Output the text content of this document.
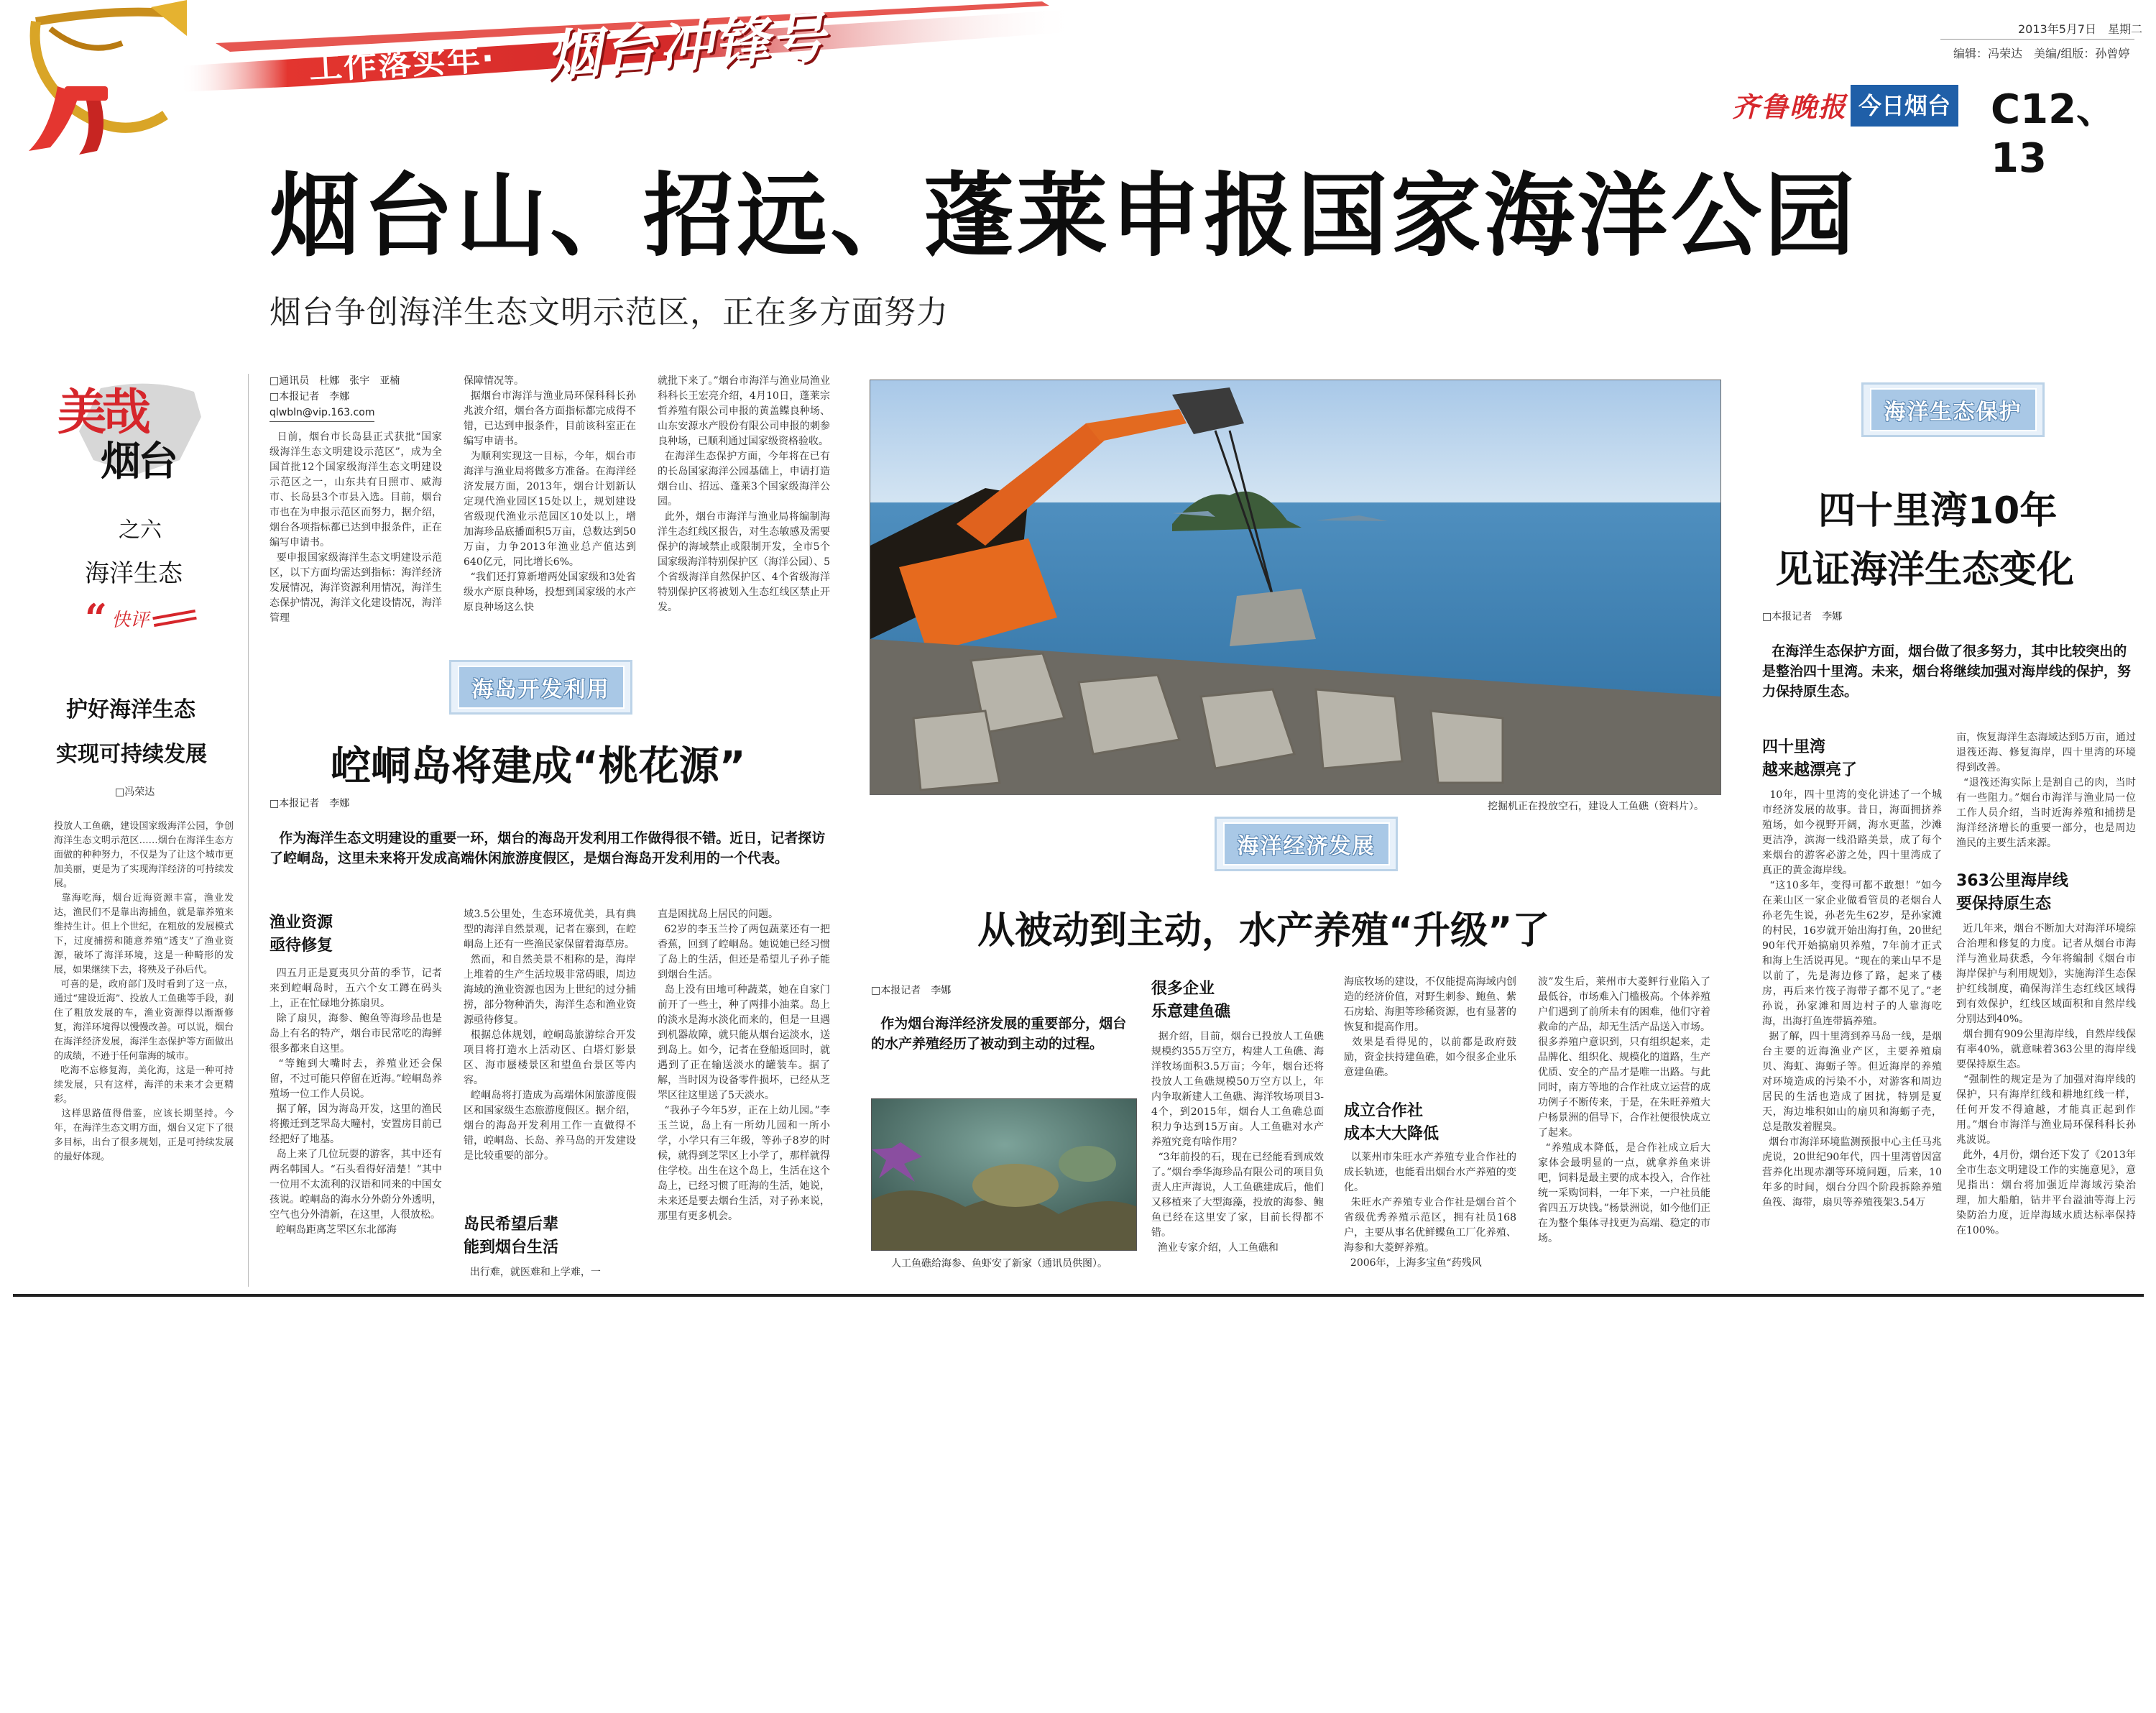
工作落实年· 烟台冲锋号	2013年5月7日　星期二
编辑：冯荣达　美编/组版：孙曾婷
齐鲁晚报 今日烟台 C12、13
烟台山、招远、蓬莱申报国家海洋公园
烟台争创海洋生态文明示范区，正在多方面努力
美哉
烟台
之六
海洋生态
“ 快评
护好海洋生态
实现可持续发展
□冯荣达
投放人工鱼礁，建设国家级海洋公园，争创海洋生态文明示范区……烟台在海洋生态方面做的种种努力，不仅是为了让这个城市更加美丽，更是为了实现海洋经济的可持续发展。
靠海吃海，烟台近海资源丰富，渔业发达，渔民们不是靠出海捕鱼，就是靠养殖来维持生计。但上个世纪，在粗放的发展模式下，过度捕捞和随意养殖“透支”了渔业资源，破坏了海洋环境，这是一种畸形的发展，如果继续下去，将殃及子孙后代。
可喜的是，政府部门及时看到了这一点，通过“建设近海”、投放人工鱼礁等手段，刹住了粗放发展的车，渔业资源得以渐渐修复，海洋环境得以慢慢改善。可以说，烟台在海洋经济发展，海洋生态保护等方面做出的成绩，不逊于任何靠海的城市。
吃海不忘修复海，美化海，这是一种可持续发展，只有这样，海洋的未来才会更精彩。
这样思路值得借鉴，应该长期坚持。今年，在海洋生态文明方面，烟台又定下了很多目标，出台了很多规划，正是可持续发展的最好体现。
□通讯员　杜娜　张宇　亚楠
□本报记者　李娜
qlwbln@vip.163.com
日前，烟台市长岛县正式获批“国家级海洋生态文明建设示范区”，成为全国首批12个国家级海洋生态文明建设示范区之一，山东共有日照市、威海市、长岛县3个市县入选。目前，烟台市也在为申报示范区而努力，据介绍，烟台各项指标都已达到申报条件，正在编写申请书。
要申报国家级海洋生态文明建设示范区，以下方面均需达到指标：海洋经济发展情况，海洋资源利用情况，海洋生态保护情况，海洋文化建设情况，海洋管理
保障情况等。
据烟台市海洋与渔业局环保科科长孙兆波介绍，烟台各方面指标都完成得不错，已达到申报条件，目前该科室正在编写申请书。
为顺利实现这一目标，今年，烟台市海洋与渔业局将做多方准备。在海洋经济发展方面，2013年，烟台计划新认定现代渔业园区15处以上，规划建设省级现代渔业示范园区10处以上，增加海珍品底播面积5万亩，总数达到50万亩，力争2013年渔业总产值达到640亿元，同比增长6%。
“我们还打算新增两处国家级和3处省级水产原良种场，投想到国家级的水产原良种场这么快
就批下来了。”烟台市海洋与渔业局渔业科科长王宏亮介绍，4月10日，蓬莱宗哲养殖有限公司申报的黄盖鲽良种场、山东安源水产股份有限公司申报的刺参良种场，已顺利通过国家级资格验收。
在海洋生态保护方面，今年将在已有的长岛国家海洋公园基础上，申请打造烟台山、招远、蓬莱3个国家级海洋公园。
此外，烟台市海洋与渔业局将编制海洋生态红线区报告，对生态敏感及需要保护的海域禁止或限制开发，全市5个国家级海洋特别保护区（海洋公园）、5个省级海洋自然保护区、4个省级海洋特别保护区将被划入生态红线区禁止开发。
海岛开发利用
崆峒岛将建成“桃花源”
□本报记者　李娜
作为海洋生态文明建设的重要一环，烟台的海岛开发利用工作做得很不错。近日，记者探访了崆峒岛，这里未来将开发成高端休闲旅游度假区，是烟台海岛开发利用的一个代表。
渔业资源
亟待修复
四五月正是夏夷贝分苗的季节，记者来到崆峒岛时，五六个女工蹲在码头上，正在忙碌地分拣扇贝。
除了扇贝，海参、鲍鱼等海珍品也是岛上有名的特产，烟台市民常吃的海鲜很多都来自这里。
“等鲍到大嘴时去，养殖业还会保留，不过可能只停留在近海。”崆峒岛养殖场一位工作人员说。
据了解，因为海岛开发，这里的渔民将搬迁到芝罘岛大疃村，安置房目前已经把好了地基。
岛上来了几位玩耍的游客，其中还有两名韩国人。“石头看得好清楚！”其中一位用不太流利的汉语和同来的中国女孩说。崆峒岛的海水分外蔚分外透明，空气也分外清新，在这里，人很放松。
崆峒岛距离芝罘区东北部海
域3.5公里处，生态环境优美，具有典型的海洋自然景观，记者在寨到，在崆峒岛上还有一些渔民家保留着海草房。
然而，和自然美景不相称的是，海岸上堆着的生产生活垃圾非常碍眼，周边海域的渔业资源也因为上世纪的过分捕捞，部分物种消失，海洋生态和渔业资源亟待修复。
根据总体规划，崆峒岛旅游综合开发项目将打造水上活动区、白塔灯影景区、海市蜃楼景区和望鱼台景区等内容。
崆峒岛将打造成为高端休闲旅游度假区和国家级生态旅游度假区。据介绍，烟台的海岛开发利用工作一直做得不错，崆峒岛、长岛、养马岛的开发建设是比较重要的部分。
岛民希望后辈
能到烟台生活
出行难，就医难和上学难，一
直是困扰岛上居民的问题。
62岁的李玉兰拎了两包蔬菜还有一把香蕉，回到了崆峒岛。她说她已经习惯了岛上的生活，但还是希望儿子孙子能到烟台生活。
岛上没有田地可种蔬菜，她在自家门前开了一些土，种了两排小油菜。岛上的淡水是海水淡化而来的，但是一旦遇到机器故障，就只能从烟台运淡水，送到岛上。如今，记者在登船返回时，就遇到了正在输送淡水的罐装车。据了解，当时因为设备零件损坏，已经从芝罘区往这里送了5天淡水。
“我孙子今年5岁，正在上幼儿园。”李玉兰说，岛上有一所幼儿园和一所小学，小学只有三年级，等孙子8岁的时候，就得到芝罘区上小学了，那样就得住学校。出生在这个岛上，生活在这个岛上，已经习惯了旺海的生活，她说，未来还是要去烟台生活，对子孙来说，那里有更多机会。
挖掘机正在投放空石，建设人工鱼礁（资料片）。
海洋经济发展
从被动到主动，水产养殖“升级”了
□本报记者　李娜
作为烟台海洋经济发展的重要部分，烟台的水产养殖经历了被动到主动的过程。
人工鱼礁给海参、鱼虾安了新家（通讯员供图）。
很多企业
乐意建鱼礁
据介绍，目前，烟台已投放人工鱼礁规模约355万空方，构建人工鱼礁、海洋牧场面积3.5万亩；今年，烟台还将投放人工鱼礁规模50万空方以上，年内争取新建人工鱼礁、海洋牧场项目3-4个，到2015年，烟台人工鱼礁总面积力争达到15万亩。人工鱼礁对水产养殖究竟有啥作用？
“3年前投的石，现在已经能看到成效了。”烟台季华海珍品有限公司的项目负责人庄声海说，人工鱼礁建成后，他们又移植来了大型海藻，投放的海参、鲍鱼已经在这里安了家，目前长得都不错。
渔业专家介绍，人工鱼礁和
海底牧场的建设，不仅能提高海域内创造的经济价值，对野生刺参、鲍鱼、紫石房蛤、海胆等珍稀资源，也有显著的恢复和提高作用。
效果是看得见的，以前都是政府鼓励，资金扶持建鱼礁，如今很多企业乐意建鱼礁。
成立合作社
成本大大降低
以莱州市朱旺水产养殖专业合作社的成长轨迹，也能看出烟台水产养殖的变化。
朱旺水产养殖专业合作社是烟台首个省级优秀养殖示范区，拥有社员168户，主要从事名优鲜鲽鱼工厂化养殖、海参和大菱鲆养殖。
2006年，上海多宝鱼“药残风
波”发生后，莱州市大菱鲆行业陷入了最低谷，市场难入门槛极高。个体养殖户们遇到了前所未有的困难，他们守着救命的产品，却无生活产品送入市场。很多养殖户意识到，只有组织起来，走品牌化、组织化、规模化的道路，生产优质、安全的产品才是唯一出路。与此同时，南方等地的合作社成立运营的成功例子不断传来，于是，在朱旺养殖大户杨景洲的倡导下，合作社便很快成立了起来。
“养殖成本降低，是合作社成立后大家体会最明显的一点，就拿养鱼来讲吧，饲料是最主要的成本投入，合作社统一采购饲料，一年下来，一户社员能省四五万块钱。”杨景洲说，如今他们正在为整个集体寻找更为高端、稳定的市场。
海洋生态保护
四十里湾10年
见证海洋生态变化
□本报记者　李娜
在海洋生态保护方面，烟台做了很多努力，其中比较突出的是整治四十里湾。未来，烟台将继续加强对海岸线的保护，努力保持原生态。
四十里湾
越来越漂亮了
10年，四十里湾的变化讲述了一个城市经济发展的故事。昔日，海面拥挤养殖场，如今视野开阔，海水更蓝，沙滩更洁净，滨海一线沿路美景，成了每个来烟台的游客必游之处，四十里湾成了真正的黄金海岸线。
“这10多年，变得可都不敢想！”如今在莱山区一家企业做看管员的老烟台人孙老先生说，孙老先生62岁，是孙家滩的村民，16岁就开始出海打鱼，20世纪90年代开始搞扇贝养殖，7年前才正式和海上生活说再见。“现在的莱山早不是以前了，先是海边修了路，起来了楼房，再后来竹筏子海带子都不见了。”老孙说，孙家滩和周边村子的人靠海吃海，出海打鱼连带搞养殖。
据了解，四十里湾到养马岛一线，是烟台主要的近海渔业产区，主要养殖扇贝、海虹、海蛎子等。但近海岸的养殖对环境造成的污染不小，对游客和周边居民的生活也造成了困扰，特别是夏天，海边堆积如山的扇贝和海蛎子壳，总是散发着腥臭。
烟台市海洋环境监测预报中心主任马兆虎说，20世纪90年代，四十里湾曾因富营养化出现赤潮等环境问题，后来，10年多的时间，烟台分四个阶段拆除养殖鱼筏、海带，扇贝等养殖筏架3.54万
亩，恢复海洋生态海域达到5万亩，通过退筏还海、修复海岸，四十里湾的环境得到改善。
“退筏还海实际上是割自己的肉，当时有一些阻力。”烟台市海洋与渔业局一位工作人员介绍，当时近海养殖和捕捞是海洋经济增长的重要一部分，也是周边渔民的主要生活来源。
363公里海岸线
要保持原生态
近几年来，烟台不断加大对海洋环境综合治理和修复的力度。记者从烟台市海洋与渔业局获悉，今年将编制《烟台市海岸保护与利用规划》，实施海洋生态保护红线制度，确保海洋生态红线区域得到有效保护，红线区域面积和自然岸线分别达到40%。
烟台拥有909公里海岸线，自然岸线保有率40%，就意味着363公里的海岸线要保持原生态。
“强制性的规定是为了加强对海岸线的保护，只有海岸红线和耕地红线一样，任何开发不得逾越，才能真正起到作用。”烟台市海洋与渔业局环保科科长孙兆波说。
此外，4月份，烟台还下发了《2013年全市生态文明建设工作的实施意见》，意见指出：烟台将加强近岸海域污染治理，加大船舶，钻井平台溢油等海上污染防治力度，近岸海域水质达标率保持在100%。
